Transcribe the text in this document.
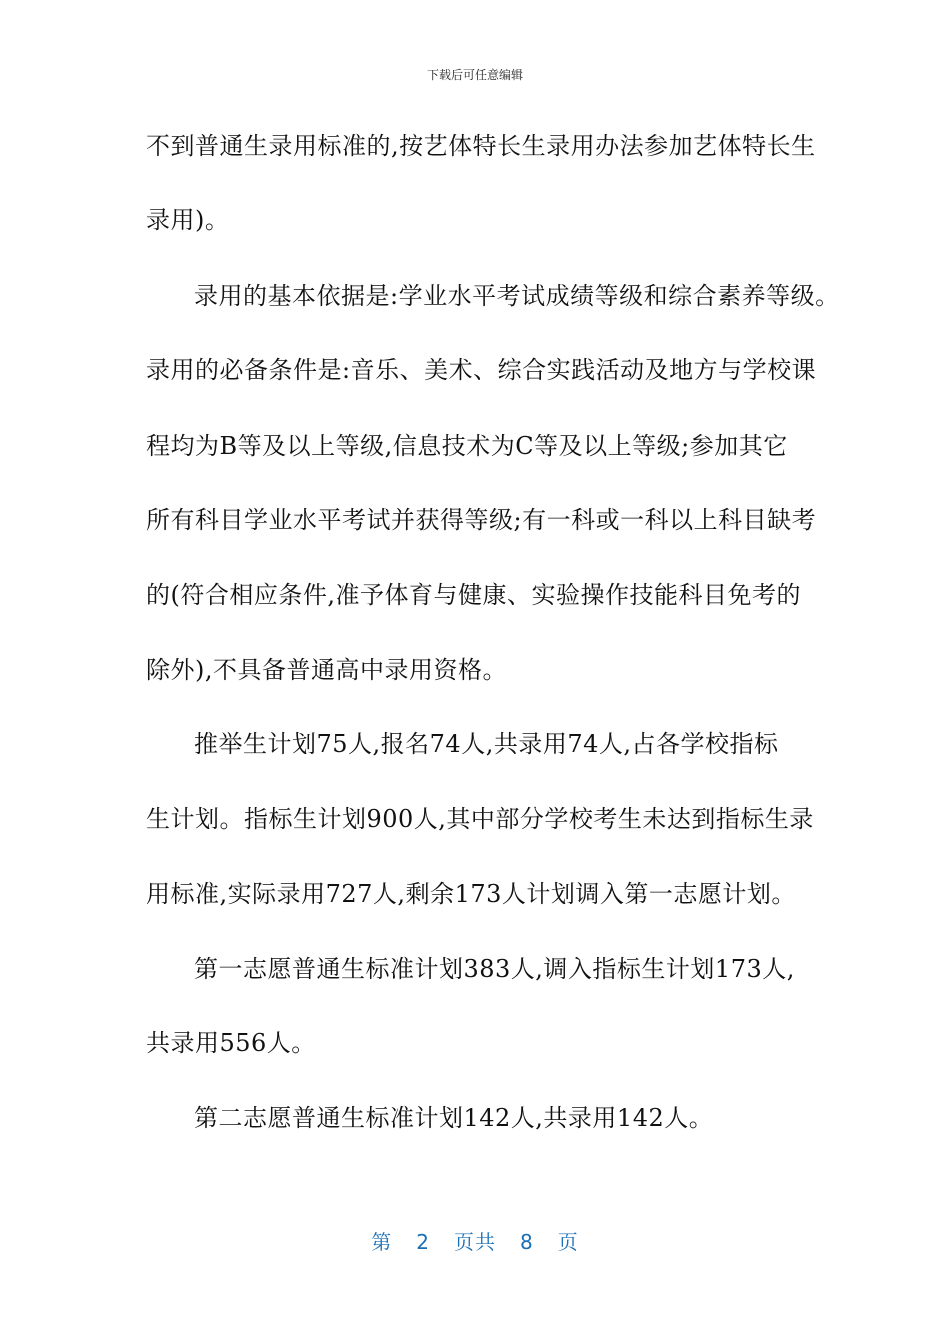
下载后可任意编辑
不到普通生录用标准的,按艺体特长生录用办法参加艺体特长生
录用)。
录用的基本依据是:学业水平考试成绩等级和综合素养等级。
录用的必备条件是:音乐、美术、综合实践活动及地方与学校课
程均为B等及以上等级,信息技术为C等及以上等级;参加其它
所有科目学业水平考试并获得等级;有一科或一科以上科目缺考
的(符合相应条件,准予体育与健康、实验操作技能科目免考的
除外),不具备普通高中录用资格。
推举生计划75人,报名74人,共录用74人,占各学校指标
生计划。指标生计划900人,其中部分学校考生未达到指标生录
用标准,实际录用727人,剩余173人计划调入第一志愿计划。
第一志愿普通生标准计划383人,调入指标生计划173人,
共录用556人。
第二志愿普通生标准计划142人,共录用142人。
第 2 页共 8 页
